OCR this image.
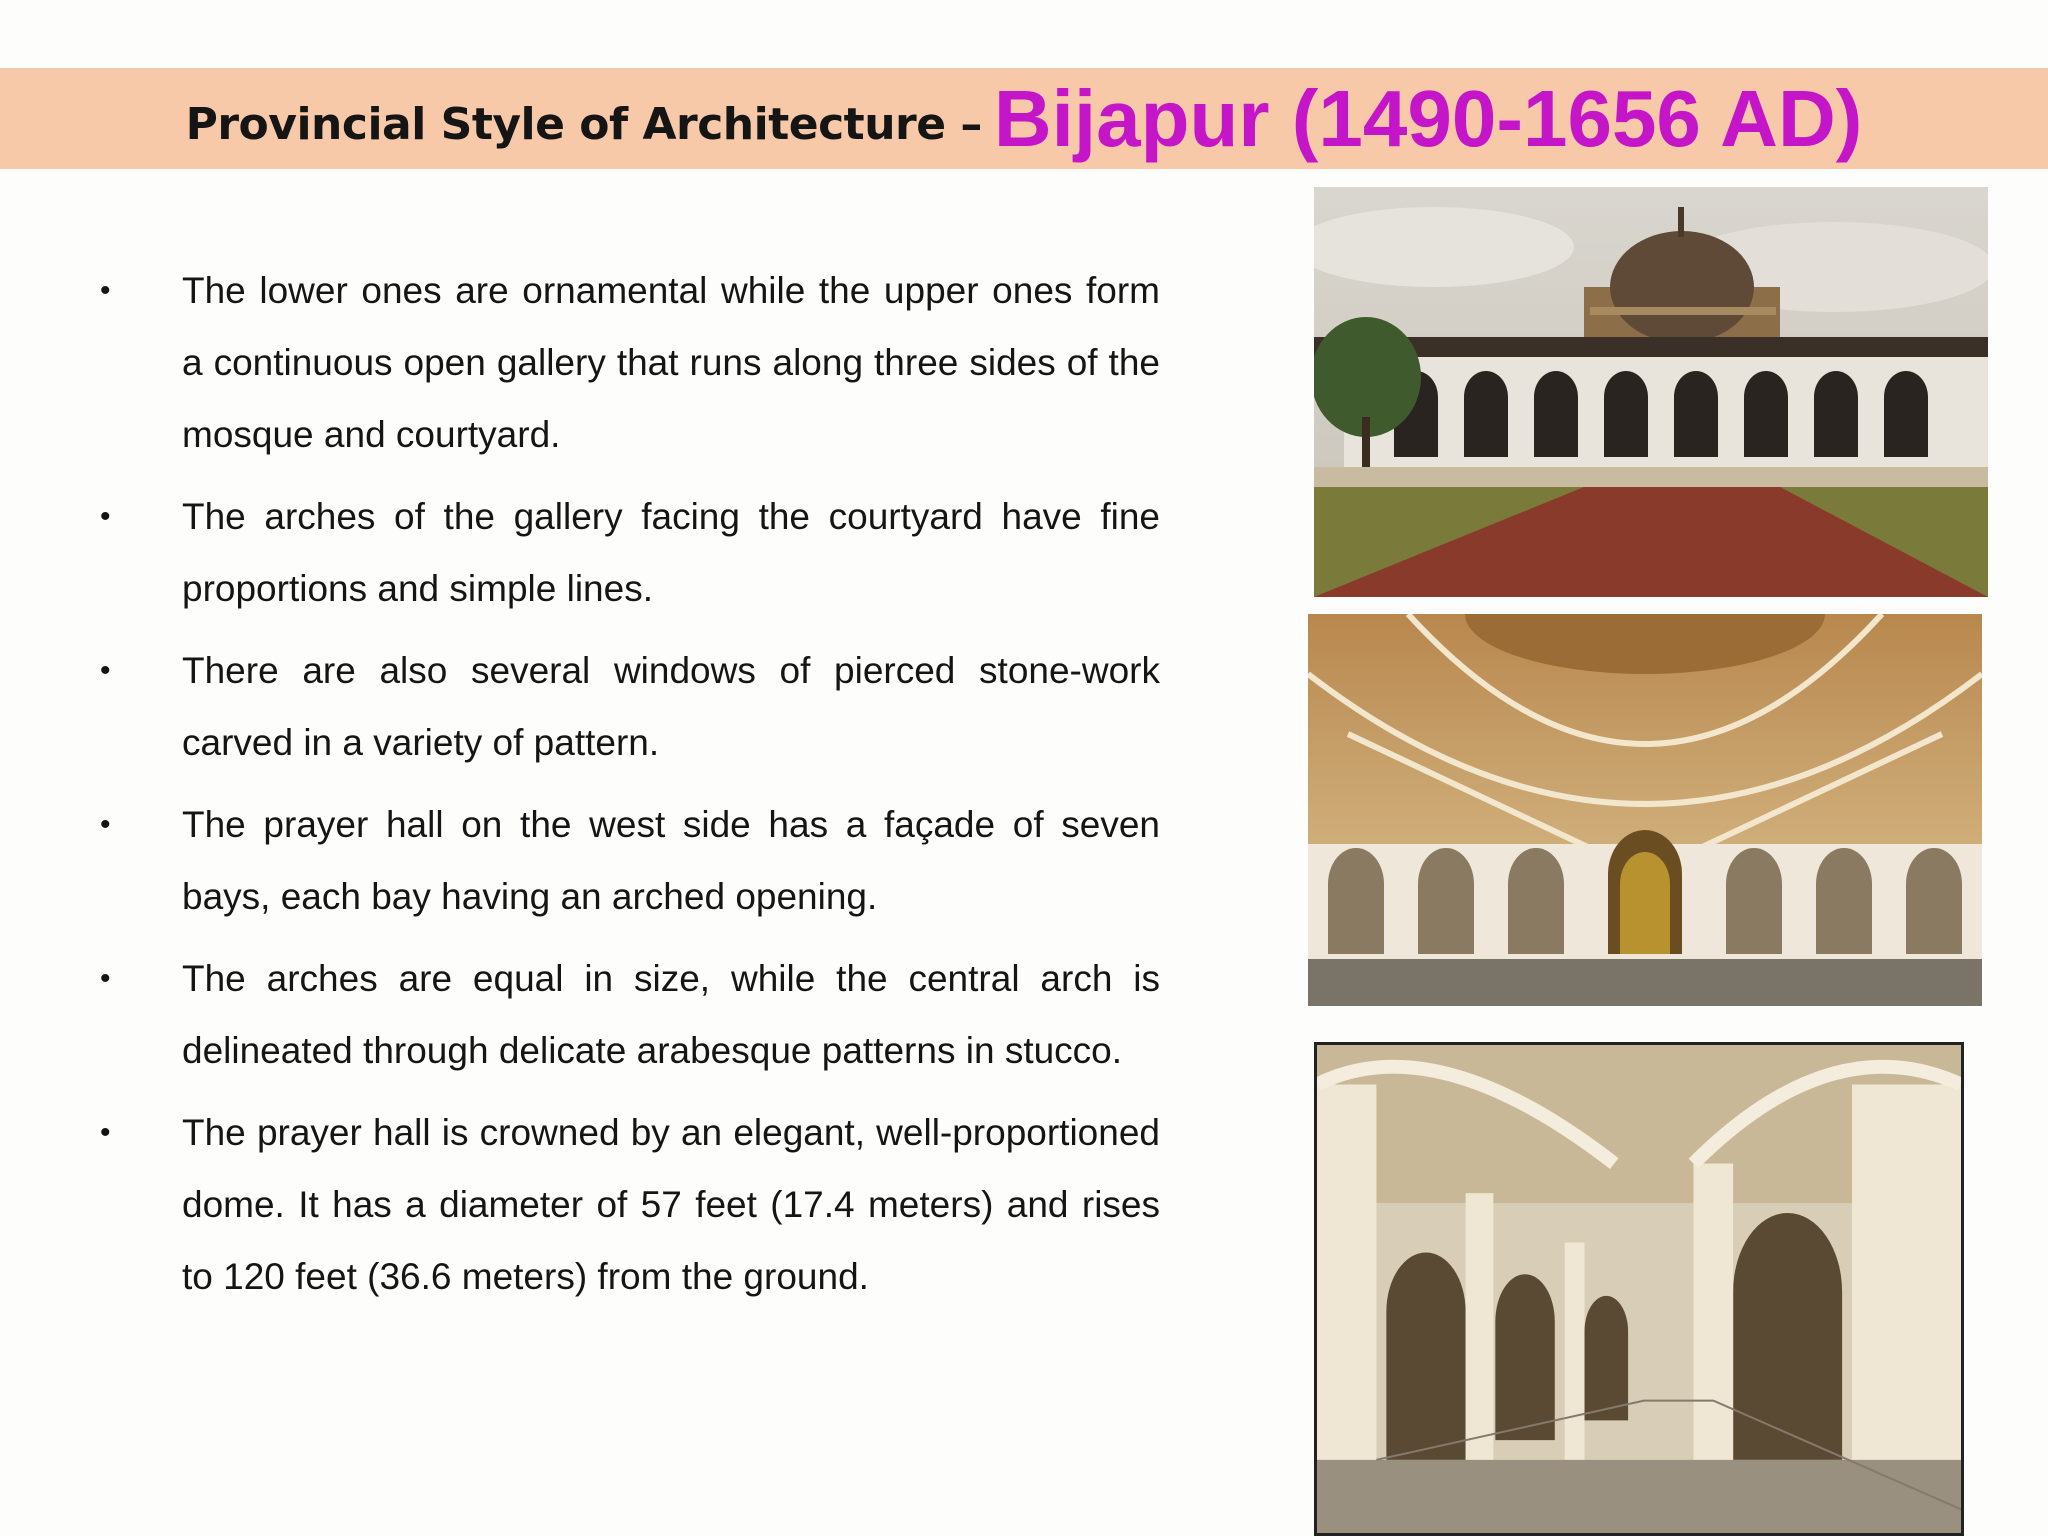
Provincial Style of Architecture – Bijapur (1490-1656 AD)
• The lower ones are ornamental while the upper ones form a continuous open gallery that runs along three sides of the mosque and courtyard.
• The arches of the gallery facing the courtyard have fine proportions and simple lines.
• There are also several windows of pierced stone-work carved in a variety of pattern.
• The prayer hall on the west side has a façade of seven bays, each bay having an arched opening.
• The arches are equal in size, while the central arch is delineated through delicate arabesque patterns in stucco.
• The prayer hall is crowned by an elegant, well-proportioned dome. It has a diameter of 57 feet (17.4 meters) and rises to 120 feet (36.6 meters) from the ground.
